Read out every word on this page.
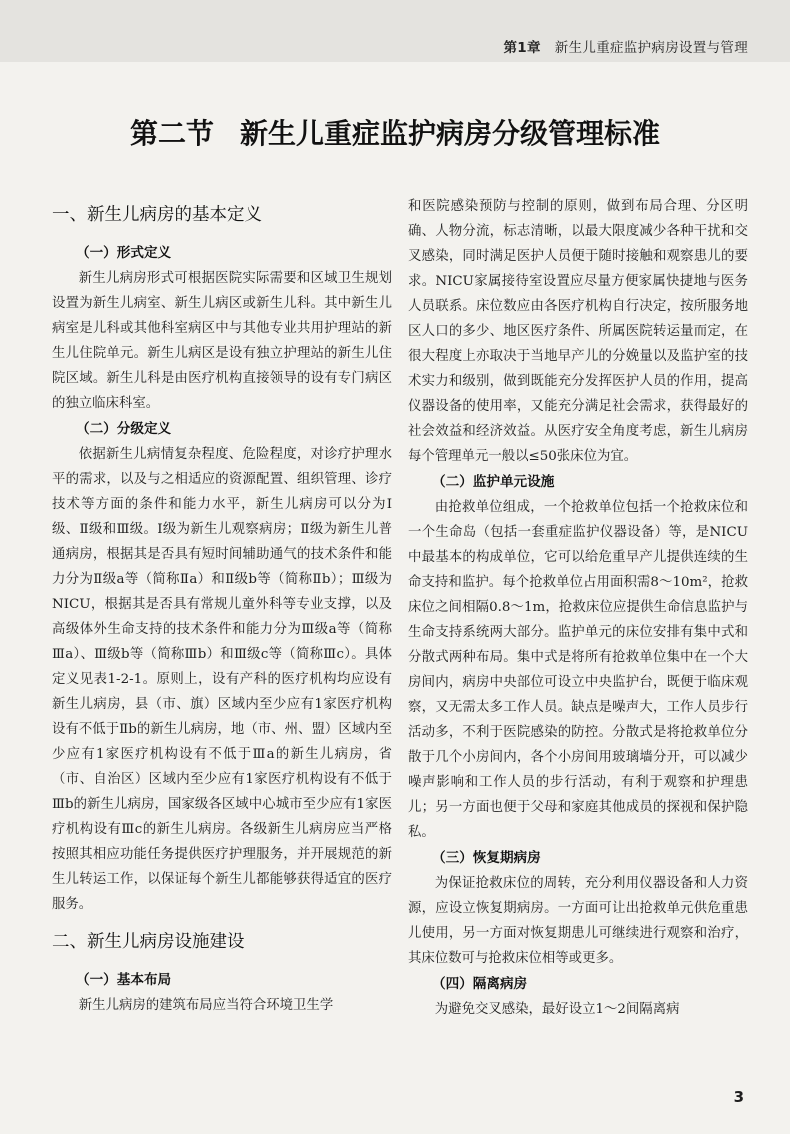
第1章 新生儿重症监护病房设置与管理
第二节 新生儿重症监护病房分级管理标准
一、新生儿病房的基本定义
（一）形式定义

新生儿病房形式可根据医院实际需要和区域卫生规划设置为新生儿病室、新生儿病区或新生儿科。其中新生儿病室是儿科或其他科室病区中与其他专业共用护理站的新生儿住院单元。新生儿病区是设有独立护理站的新生儿住院区域。新生儿科是由医疗机构直接领导的设有专门病区的独立临床科室。

（二）分级定义

依据新生儿病情复杂程度、危险程度，对诊疗护理水平的需求，以及与之相适应的资源配置、组织管理、诊疗技术等方面的条件和能力水平，新生儿病房可以分为Ⅰ级、Ⅱ级和Ⅲ级。Ⅰ级为新生儿观察病房；Ⅱ级为新生儿普通病房，根据其是否具有短时间辅助通气的技术条件和能力分为Ⅱ级a等（简称Ⅱa）和Ⅱ级b等（简称Ⅱb）；Ⅲ级为NICU，根据其是否具有常规儿童外科等专业支撑，以及高级体外生命支持的技术条件和能力分为Ⅲ级a等（简称Ⅲa）、Ⅲ级b等（简称Ⅲb）和Ⅲ级c等（简称Ⅲc）。具体定义见表1-2-1。原则上，设有产科的医疗机构均应设有新生儿病房，县（市、旗）区域内至少应有1家医疗机构设有不低于Ⅱb的新生儿病房，地（市、州、盟）区域内至少应有1家医疗机构设有不低于Ⅲa的新生儿病房，省（市、自治区）区域内至少应有1家医疗机构设有不低于Ⅲb的新生儿病房，国家级各区域中心城市至少应有1家医疗机构设有Ⅲc的新生儿病房。各级新生儿病房应当严格按照其相应功能任务提供医疗护理服务，并开展规范的新生儿转运工作，以保证每个新生儿都能够获得适宜的医疗服务。

二、新生儿病房设施建设
（一）基本布局

新生儿病房的建筑布局应当符合环境卫生学

和医院感染预防与控制的原则，做到布局合理、分区明确、人物分流，标志清晰，以最大限度减少各种干扰和交叉感染，同时满足医护人员便于随时接触和观察患儿的要求。NICU家属接待室设置应尽量方便家属快捷地与医务人员联系。床位数应由各医疗机构自行决定，按所服务地区人口的多少、地区医疗条件、所属医院转运量而定，在很大程度上亦取决于当地早产儿的分娩量以及监护室的技术实力和级别，做到既能充分发挥医护人员的作用，提高仪器设备的使用率，又能充分满足社会需求，获得最好的社会效益和经济效益。从医疗安全角度考虑，新生儿病房每个管理单元一般以≤50张床位为宜。

（二）监护单元设施

由抢救单位组成，一个抢救单位包括一个抢救床位和一个生命岛（包括一套重症监护仪器设备）等，是NICU中最基本的构成单位，它可以给危重早产儿提供连续的生命支持和监护。每个抢救单位占用面积需8～10m²，抢救床位之间相隔0.8～1m，抢救床位应提供生命信息监护与生命支持系统两大部分。监护单元的床位安排有集中式和分散式两种布局。集中式是将所有抢救单位集中在一个大房间内，病房中央部位可设立中央监护台，既便于临床观察，又无需太多工作人员。缺点是噪声大，工作人员步行活动多，不利于医院感染的防控。分散式是将抢救单位分散于几个小房间内，各个小房间用玻璃墙分开，可以减少噪声影响和工作人员的步行活动，有利于观察和护理患儿；另一方面也便于父母和家庭其他成员的探视和保护隐私。

（三）恢复期病房

为保证抢救床位的周转，充分利用仪器设备和人力资源，应设立恢复期病房。一方面可让出抢救单元供危重患儿使用，另一方面对恢复期患儿可继续进行观察和治疗，其床位数可与抢救床位相等或更多。

（四）隔离病房

为避免交叉感染，最好设立1～2间隔离病

3
